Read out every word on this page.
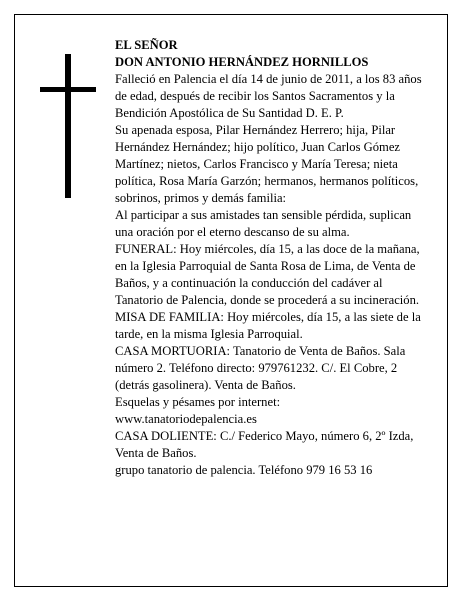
EL SEÑOR

DON ANTONIO HERNÁNDEZ HORNILLOS

Falleció en Palencia el día 14 de junio de 2011, a los 83 años de edad, después de recibir los Santos Sacramentos y la Bendición Apostólica de Su Santidad D. E. P.

Su apenada esposa, Pilar Hernández Herrero; hija, Pilar Hernández Hernández; hijo político, Juan Carlos Gómez Martínez; nietos, Carlos Francisco y María Teresa; nieta política, Rosa María Garzón; hermanos, hermanos políticos, sobrinos, primos y demás familia:

Al participar a sus amistades tan sensible pérdida, suplican una oración por el eterno descanso de su alma.

FUNERAL: Hoy miércoles, día 15, a las doce de la mañana, en la Iglesia Parroquial de Santa Rosa de Lima, de Venta de Baños, y a continuación la conducción del cadáver al Tanatorio de Palencia, donde se procederá a su incineración.

MISA DE FAMILIA: Hoy miércoles, día 15, a las siete de la tarde, en la misma Iglesia Parroquial.

CASA MORTUORIA: Tanatorio de Venta de Baños. Sala número 2. Teléfono directo: 979761232. C/. El Cobre, 2 (detrás gasolinera). Venta de Baños.

Esquelas y pésames por internet:

www.tanatoriodepalencia.es

CASA DOLIENTE: C./ Federico Mayo, número 6, 2º Izda, Venta de Baños.

grupo tanatorio de palencia. Teléfono 979 16 53 16
